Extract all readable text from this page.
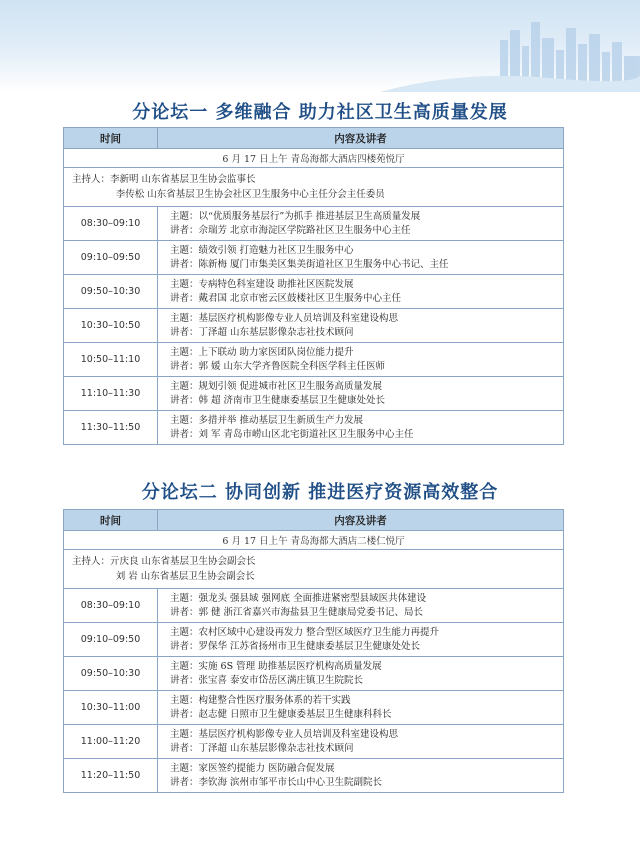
分论坛一 多维融合 助力社区卫生高质量发展
时间	内容及讲者
6 月 17 日上午 青岛海都大酒店四楼苑悦厅	

主持人：李新明 山东省基层卫生协会监事长
李传松 山东省基层卫生协会社区卫生服务中心主任分会主任委员	

08:30–09:10	主题：以“优质服务基层行”为抓手 推进基层卫生高质量发展
讲者：佘瑞芳 北京市海淀区学院路社区卫生服务中心主任

09:10–09:50	主题：绩效引领 打造魅力社区卫生服务中心
讲者：陈新梅 厦门市集美区集美街道社区卫生服务中心书记、主任

09:50–10:30	主题：专病特色科室建设 助推社区医院发展
讲者：戴君国 北京市密云区鼓楼社区卫生服务中心主任

10:30–10:50	主题：基层医疗机构影像专业人员培训及科室建设构思
讲者：丁泽超 山东基层影像杂志社技术顾问

10:50–11:10	主题：上下联动 助力家医团队岗位能力提升
讲者：郭 媛 山东大学齐鲁医院全科医学科主任医师

11:10–11:30	主题：规划引领 促进城市社区卫生服务高质量发展
讲者：韩 超 济南市卫生健康委基层卫生健康处处长

11:30–11:50	主题：多措并举 推动基层卫生新质生产力发展
讲者：刘 军 青岛市崂山区北宅街道社区卫生服务中心主任
分论坛二 协同创新 推进医疗资源高效整合
时间	内容及讲者
6 月 17 日上午 青岛海都大酒店二楼仁悦厅	

主持人：亓庆良 山东省基层卫生协会副会长
刘 岩 山东省基层卫生协会副会长	

08:30–09:10	主题：强龙头 强县域 强网底 全面推进紧密型县域医共体建设
讲者：郭 健 浙江省嘉兴市海盐县卫生健康局党委书记、局长

09:10–09:50	主题：农村区域中心建设再发力 整合型区域医疗卫生能力再提升
讲者：罗保华 江苏省扬州市卫生健康委基层卫生健康处处长

09:50–10:30	主题：实施 6S 管理 助推基层医疗机构高质量发展
讲者：张宝喜 泰安市岱岳区满庄镇卫生院院长

10:30–11:00	主题：构建整合性医疗服务体系的若干实践
讲者：赵志健 日照市卫生健康委基层卫生健康科科长

11:00–11:20	主题：基层医疗机构影像专业人员培训及科室建设构思
讲者：丁泽超 山东基层影像杂志社技术顾问

11:20–11:50	主题：家医签约提能力 医防融合促发展
讲者：李钦海 滨州市邹平市长山中心卫生院副院长
